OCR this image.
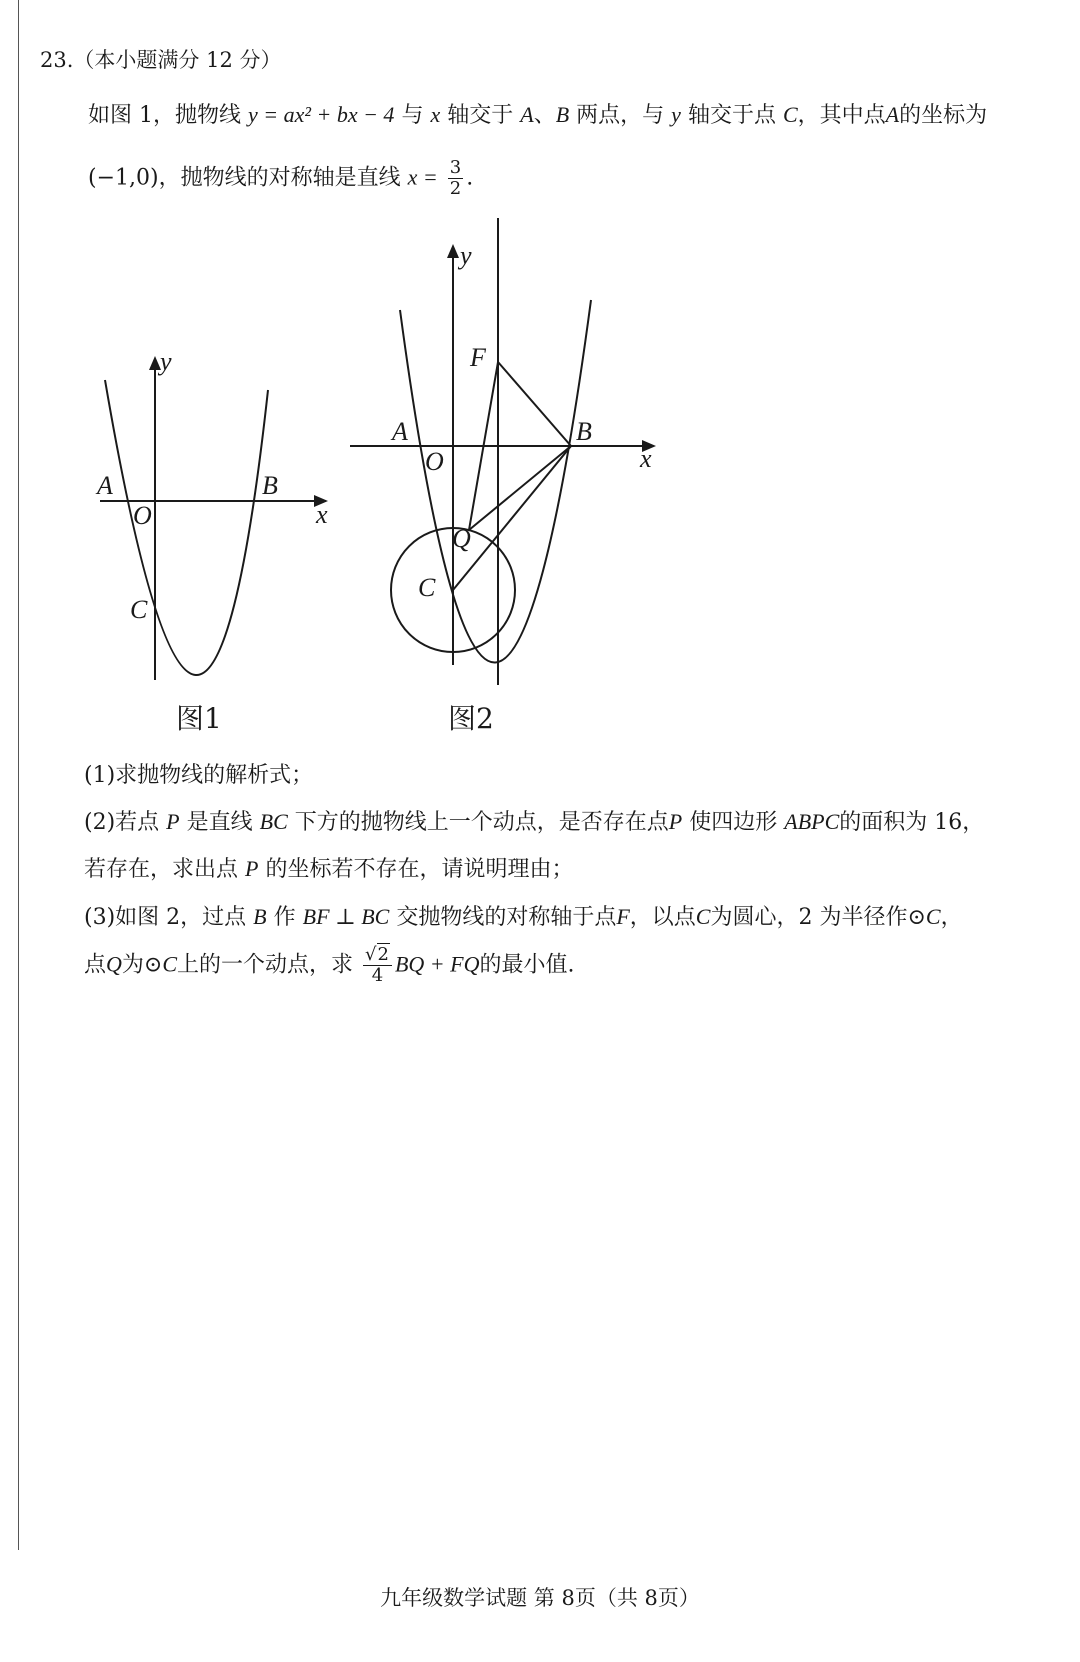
23.（本小题满分 12 分）
如图 1，抛物线 y = ax² + bx − 4 与 x 轴交于 A、B 两点，与 y 轴交于点 C，其中点A的坐标为
(−1,0)，抛物线的对称轴是直线 $x = \frac{3}{2}$ .
y
x
A	B
O
C
图1
y
x
A	B
O
F
Q
C
图2
(1)求抛物线的解析式；
(2)若点 P 是直线 BC 下方的抛物线上一个动点，是否存在点P 使四边形 ABPC的面积为 16，
若存在，求出点 P 的坐标若不存在，请说明理由；
(3)如图 2，过点 B 作 BF ⊥ BC 交抛物线的对称轴于点F，以点C为圆心，2 为半径作⊙C，
点Q为⊙C上的一个动点，求 $\frac{√2}{4}$ BQ + FQ的最小值.
九年级数学试题 第 8页（共 8页）
